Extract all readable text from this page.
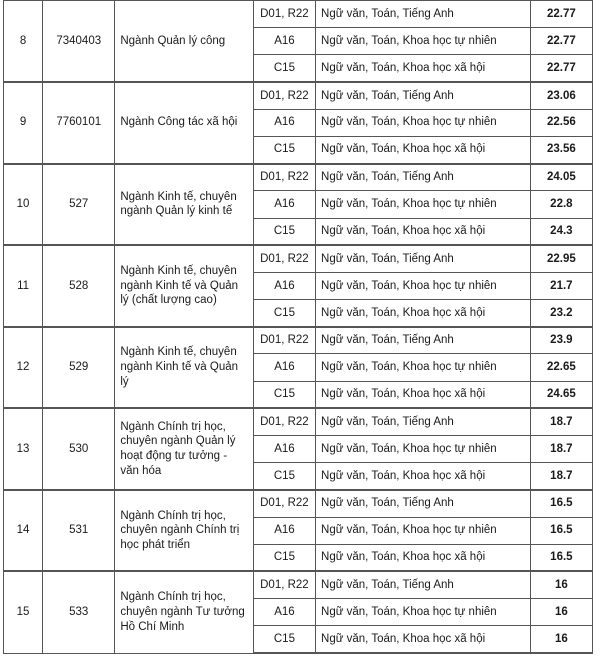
8	7340403	Ngành Quản lý công	D01, R22	Ngữ văn, Toán, Tiếng Anh	22.77
			A16	Ngữ văn, Toán, Khoa học tự nhiên	22.77
			C15	Ngữ văn, Toán, Khoa học xã hội	22.77
9	7760101	Ngành Công tác xã hội	D01, R22	Ngữ văn, Toán, Tiếng Anh	23.06
			A16	Ngữ văn, Toán, Khoa học tự nhiên	22.56
			C15	Ngữ văn, Toán, Khoa học xã hội	23.56
10	527	Ngành Kinh tế, chuyên ngành Quản lý kinh tế	D01, R22	Ngữ văn, Toán, Tiếng Anh	24.05
			A16	Ngữ văn, Toán, Khoa học tự nhiên	22.8
			C15	Ngữ văn, Toán, Khoa học xã hội	24.3
11	528	Ngành Kinh tế, chuyên ngành Kinh tế và Quản lý (chất lượng cao)	D01, R22	Ngữ văn, Toán, Tiếng Anh	22.95
			A16	Ngữ văn, Toán, Khoa học tự nhiên	21.7
			C15	Ngữ văn, Toán, Khoa học xã hội	23.2
12	529	Ngành Kinh tế, chuyên ngành Kinh tế và Quản lý	D01, R22	Ngữ văn, Toán, Tiếng Anh	23.9
			A16	Ngữ văn, Toán, Khoa học tự nhiên	22.65
			C15	Ngữ văn, Toán, Khoa học xã hội	24.65
13	530	Ngành Chính trị học, chuyên ngành Quản lý hoạt động tư tưởng - văn hóa	D01, R22	Ngữ văn, Toán, Tiếng Anh	18.7
			A16	Ngữ văn, Toán, Khoa học tự nhiên	18.7
			C15	Ngữ văn, Toán, Khoa học xã hội	18.7
14	531	Ngành Chính trị học, chuyên ngành Chính trị học phát triển	D01, R22	Ngữ văn, Toán, Tiếng Anh	16.5
			A16	Ngữ văn, Toán, Khoa học tự nhiên	16.5
			C15	Ngữ văn, Toán, Khoa học xã hội	16.5
15	533	Ngành Chính trị học, chuyên ngành Tư tưởng Hồ Chí Minh	D01, R22	Ngữ văn, Toán, Tiếng Anh	16
			A16	Ngữ văn, Toán, Khoa học tự nhiên	16
			C15	Ngữ văn, Toán, Khoa học xã hội	16
